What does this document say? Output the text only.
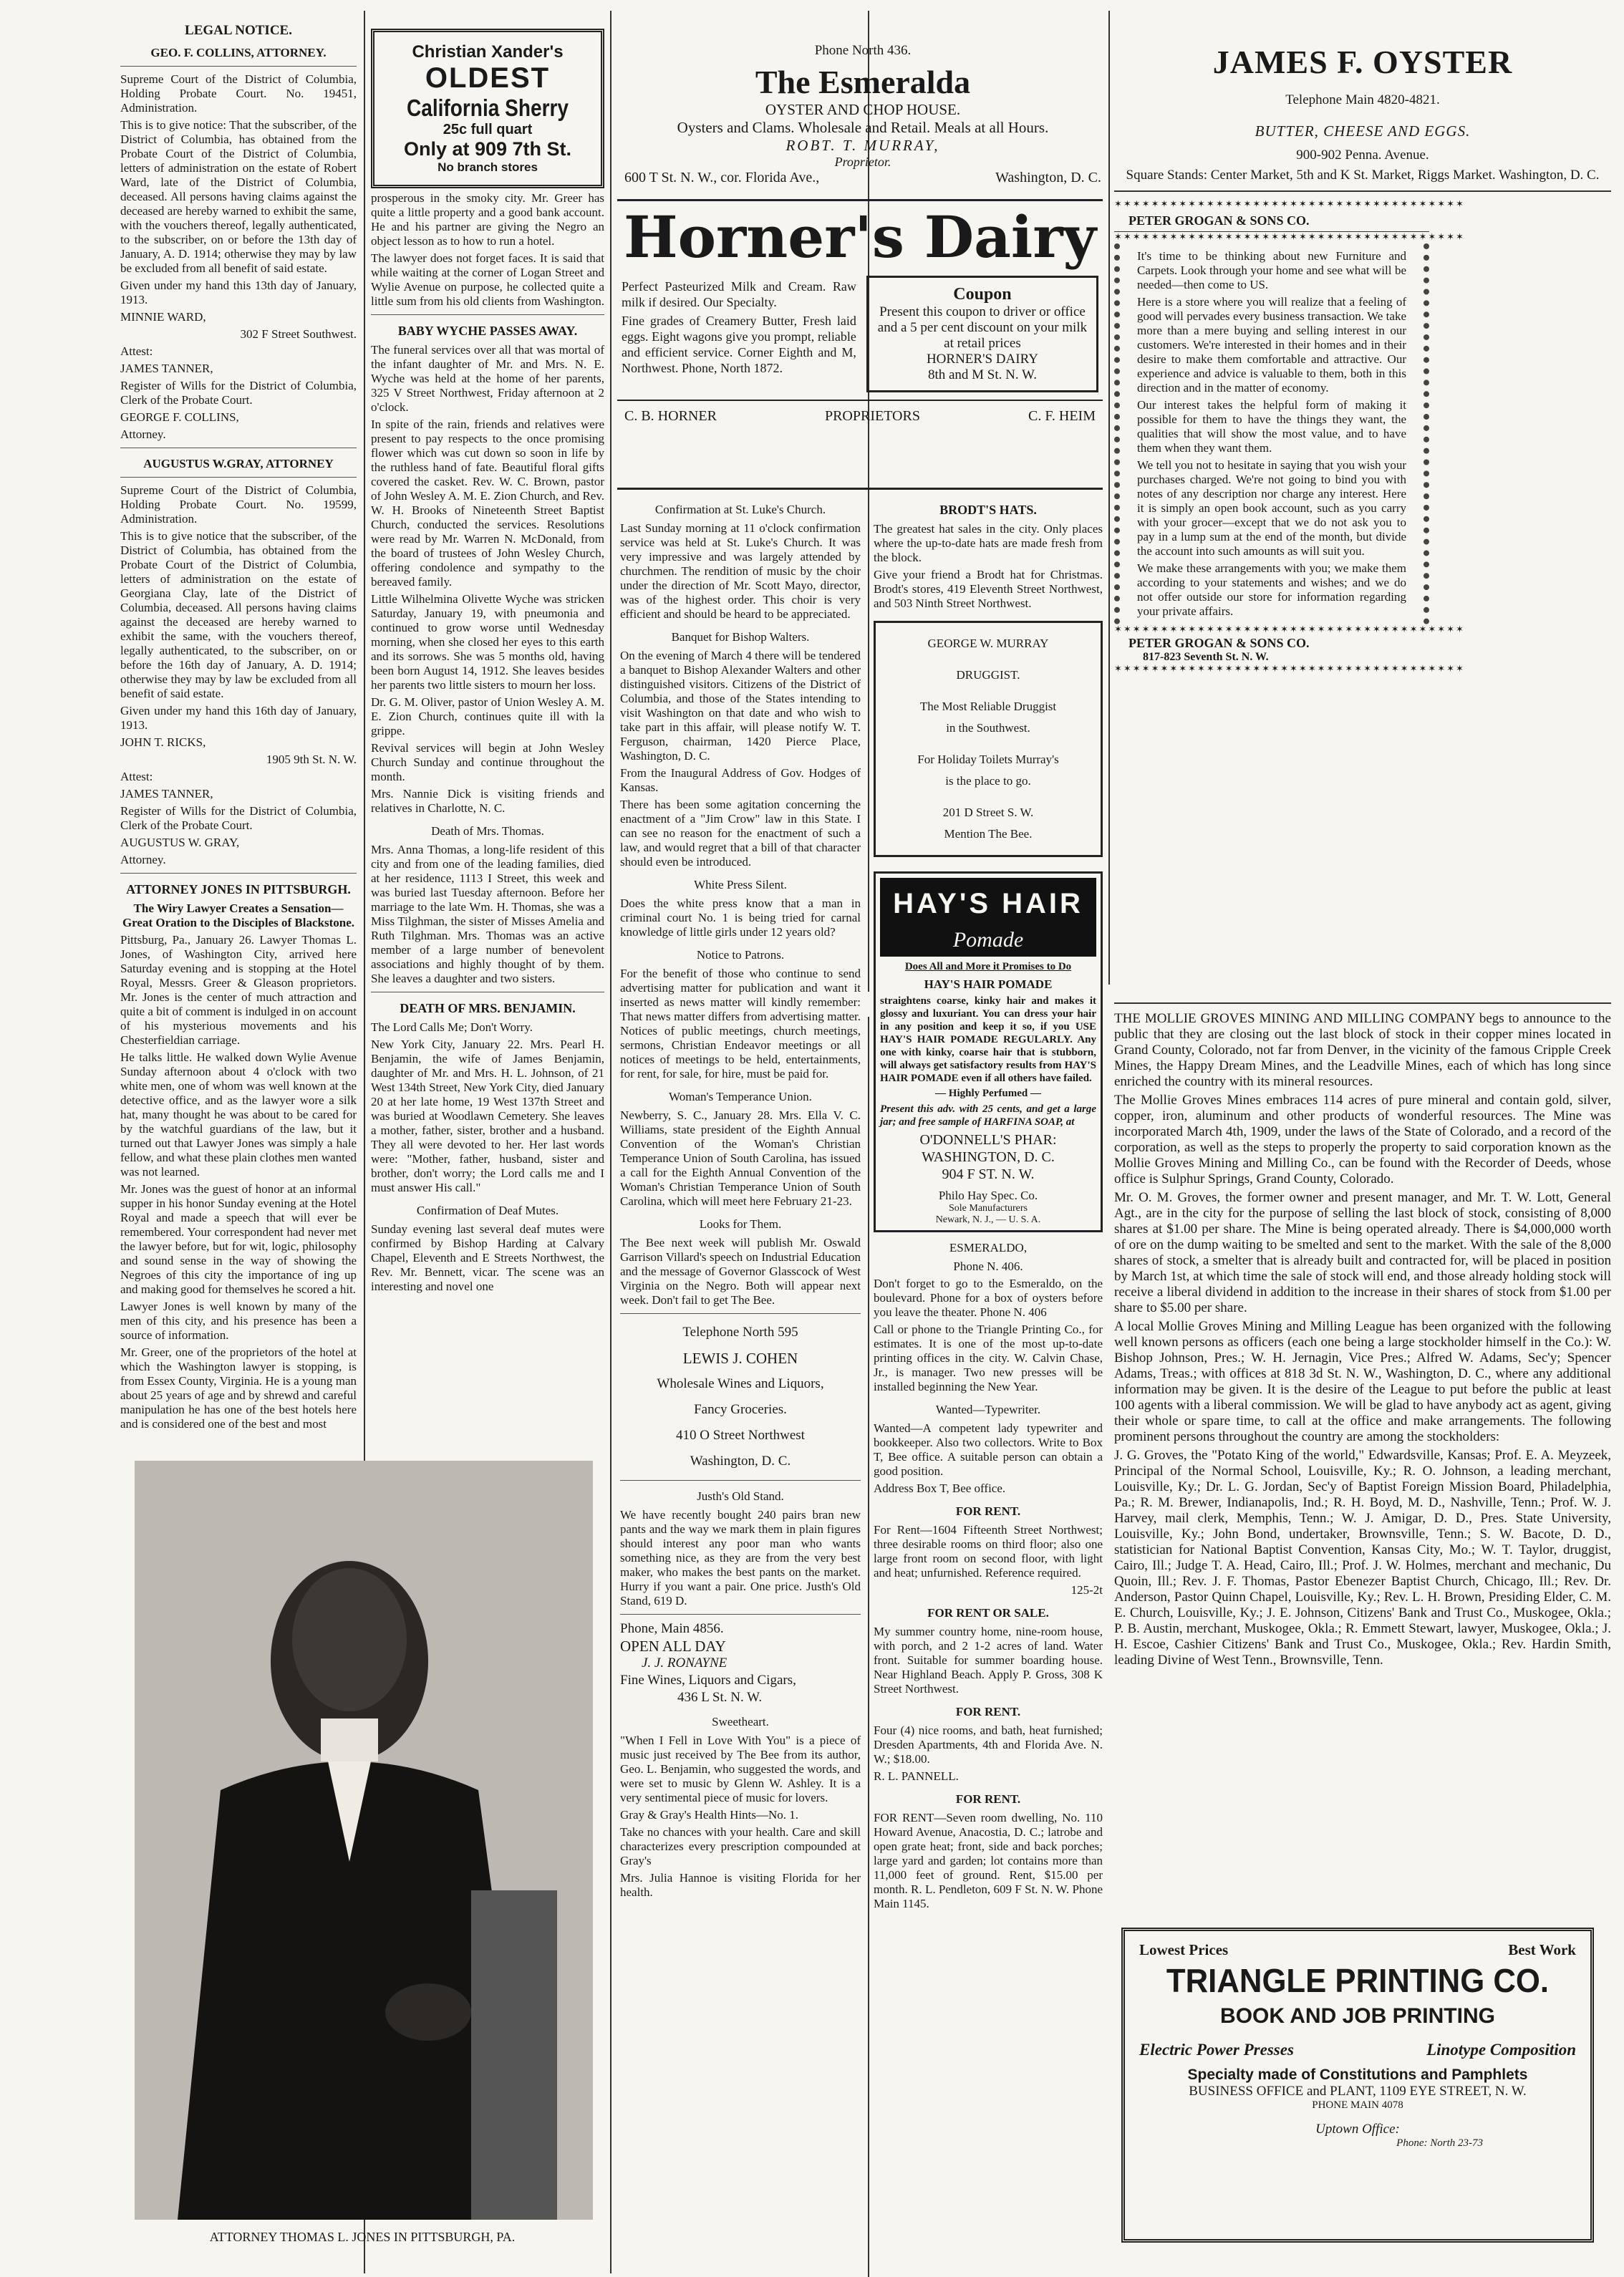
LEGAL NOTICE.
GEO. F. COLLINS, ATTORNEY.

Supreme Court of the District of Columbia, Holding Probate Court. No. 19451, Administration.

This is to give notice: That the subscriber, of the District of Columbia, has obtained from the Probate Court of the District of Columbia, letters of administration on the estate of Robert Ward, late of the District of Columbia, deceased. All persons having claims against the deceased are hereby warned to exhibit the same, with the vouchers thereof, legally authenticated, to the subscriber, on or before the 13th day of January, A. D. 1914; otherwise they may by law be excluded from all benefit of said estate.

Given under my hand this 13th day of January, 1913.

MINNIE WARD,

302 F Street Southwest.

Attest:

JAMES TANNER,

Register of Wills for the District of Columbia, Clerk of the Probate Court.

GEORGE F. COLLINS,

Attorney.

AUGUSTUS W.GRAY, ATTORNEY

Supreme Court of the District of Columbia, Holding Probate Court. No. 19599, Administration.

This is to give notice that the subscriber, of the District of Columbia, has obtained from the Probate Court of the District of Columbia, letters of administration on the estate of Georgiana Clay, late of the District of Columbia, deceased. All persons having claims against the deceased are hereby warned to exhibit the same, with the vouchers thereof, legally authenticated, to the subscriber, on or before the 16th day of January, A. D. 1914; otherwise they may by law be excluded from all benefit of said estate.

Given under my hand this 16th day of January, 1913.

JOHN T. RICKS,

1905 9th St. N. W.

Attest:

JAMES TANNER,

Register of Wills for the District of Columbia, Clerk of the Probate Court.

AUGUSTUS W. GRAY,

Attorney.

ATTORNEY JONES IN PITTSBURGH.

The Wiry Lawyer Creates a Sensation—Great Oration to the Disciples of Blackstone.

Pittsburg, Pa., January 26. Lawyer Thomas L. Jones, of Washington City, arrived here Saturday evening and is stopping at the Hotel Royal, Messrs. Greer & Gleason proprietors. Mr. Jones is the center of much attraction and quite a bit of comment is indulged in on account of his mysterious movements and his Chesterfieldian carriage.

He talks little. He walked down Wylie Avenue Sunday afternoon about 4 o'clock with two white men, one of whom was well known at the detective office, and as the lawyer wore a silk hat, many thought he was about to be cared for by the watchful guardians of the law, but it turned out that Lawyer Jones was simply a hale fellow, and what these plain clothes men wanted was not learned.

Mr. Jones was the guest of honor at an informal supper in his honor Sunday evening at the Hotel Royal and made a speech that will ever be remembered. Your correspondent had never met the lawyer before, but for wit, logic, philosophy and sound sense in the way of showing the Negroes of this city the importance of ing up and making good for themselves he scored a hit.

Lawyer Jones is well known by many of the men of this city, and his presence has been a source of information.

Mr. Greer, one of the proprietors of the hotel at which the Washington lawyer is stopping, is from Essex County, Virginia. He is a young man about 25 years of age and by shrewd and careful manipulation he has one of the best hotels here and is considered one of the best and most

ATTORNEY THOMAS L. JONES IN PITTSBURGH, PA.
Christian Xander's
OLDEST
California Sherry
25c full quart
Only at 909 7th St.
No branch stores

prosperous in the smoky city. Mr. Greer has quite a little property and a good bank account. He and his partner are giving the Negro an object lesson as to how to run a hotel.

The lawyer does not forget faces. It is said that while waiting at the corner of Logan Street and Wylie Avenue on purpose, he collected quite a little sum from his old clients from Washington.

BABY WYCHE PASSES AWAY.

The funeral services over all that was mortal of the infant daughter of Mr. and Mrs. N. E. Wyche was held at the home of her parents, 325 V Street Northwest, Friday afternoon at 2 o'clock.

In spite of the rain, friends and relatives were present to pay respects to the once promising flower which was cut down so soon in life by the ruthless hand of fate. Beautiful floral gifts covered the casket. Rev. W. C. Brown, pastor of John Wesley A. M. E. Zion Church, and Rev. W. H. Brooks of Nineteenth Street Baptist Church, conducted the services. Resolutions were read by Mr. Warren N. McDonald, from the board of trustees of John Wesley Church, offering condolence and sympathy to the bereaved family.

Little Wilhelmina Olivette Wyche was stricken Saturday, January 19, with pneumonia and continued to grow worse until Wednesday morning, when she closed her eyes to this earth and its sorrows. She was 5 months old, having been born August 14, 1912. She leaves besides her parents two little sisters to mourn her loss.

Dr. G. M. Oliver, pastor of Union Wesley A. M. E. Zion Church, continues quite ill with la grippe.

Revival services will begin at John Wesley Church Sunday and continue throughout the month.

Mrs. Nannie Dick is visiting friends and relatives in Charlotte, N. C.

Death of Mrs. Thomas.

Mrs. Anna Thomas, a long-life resident of this city and from one of the leading families, died at her residence, 1113 I Street, this week and was buried last Tuesday afternoon. Before her marriage to the late Wm. H. Thomas, she was a Miss Tilghman, the sister of Misses Amelia and Ruth Tilghman. Mrs. Thomas was an active member of a large number of benevolent associations and highly thought of by them. She leaves a daughter and two sisters.

DEATH OF MRS. BENJAMIN.

The Lord Calls Me; Don't Worry.

New York City, January 22. Mrs. Pearl H. Benjamin, the wife of James Benjamin, daughter of Mr. and Mrs. H. L. Johnson, of 21 West 134th Street, New York City, died January 20 at her late home, 19 West 137th Street and was buried at Woodlawn Cemetery. She leaves a mother, father, sister, brother and a husband. They all were devoted to her. Her last words were: "Mother, father, husband, sister and brother, don't worry; the Lord calls me and I must answer His call."

Confirmation of Deaf Mutes.

Sunday evening last several deaf mutes were confirmed by Bishop Harding at Calvary Chapel, Eleventh and E Streets Northwest, the Rev. Mr. Bennett, vicar. The scene was an interesting and novel one

Phone North 436.
The Esmeralda
OYSTER AND CHOP HOUSE.
Oysters and Clams. Wholesale and Retail. Meals at all Hours.
ROBT. T. MURRAY,
Proprietor.
600 T St. N. W., cor. Florida Ave.,	Washington, D. C.
Horner's Dairy

Perfect Pasteurized Milk and Cream. Raw milk if desired. Our Specialty.

Fine grades of Creamery Butter, Fresh laid eggs. Eight wagons give you prompt, reliable and efficient service. Corner Eighth and M, Northwest. Phone, North 1872.

Coupon
Present this coupon to driver or office and a 5 per cent discount on your milk at retail prices
HORNER'S DAIRY
8th and M St. N. W.
C. B. HORNER	PROPRIETORS	C. F. HEIM
Confirmation at St. Luke's Church.

Last Sunday morning at 11 o'clock confirmation service was held at St. Luke's Church. It was very impressive and was largely attended by churchmen. The rendition of music by the choir under the direction of Mr. Scott Mayo, director, was of the highest order. This choir is very efficient and should be heard to be appreciated.

Banquet for Bishop Walters.

On the evening of March 4 there will be tendered a banquet to Bishop Alexander Walters and other distinguished visitors. Citizens of the District of Columbia, and those of the States intending to visit Washington on that date and who wish to take part in this affair, will please notify W. T. Ferguson, chairman, 1420 Pierce Place, Washington, D. C.

From the Inaugural Address of Gov. Hodges of Kansas.

There has been some agitation concerning the enactment of a "Jim Crow" law in this State. I can see no reason for the enactment of such a law, and would regret that a bill of that character should even be introduced.

White Press Silent.

Does the white press know that a man in criminal court No. 1 is being tried for carnal knowledge of little girls under 12 years old?

Notice to Patrons.

For the benefit of those who continue to send advertising matter for publication and want it inserted as news matter will kindly remember: That news matter differs from advertising matter. Notices of public meetings, church meetings, sermons, Christian Endeavor meetings or all notices of meetings to be held, entertainments, for rent, for sale, for hire, must be paid for.

Woman's Temperance Union.

Newberry, S. C., January 28. Mrs. Ella V. C. Williams, state president of the Eighth Annual Convention of the Woman's Christian Temperance Union of South Carolina, has issued a call for the Eighth Annual Convention of the Woman's Christian Temperance Union of South Carolina, which will meet here February 21-23.

Looks for Them.

The Bee next week will publish Mr. Oswald Garrison Villard's speech on Industrial Education and the message of Governor Glasscock of West Virginia on the Negro. Both will appear next week. Don't fail to get The Bee.

Telephone North 595
LEWIS J. COHEN
Wholesale Wines and Liquors,
Fancy Groceries.
410 O Street Northwest
Washington, D. C.
Justh's Old Stand.

We have recently bought 240 pairs bran new pants and the way we mark them in plain figures should interest any poor man who wants something nice, as they are from the very best maker, who makes the best pants on the market. Hurry if you want a pair. One price. Justh's Old Stand, 619 D.

Phone, Main 4856.
OPEN ALL DAY
J. J. RONAYNE
Fine Wines, Liquors and Cigars,
436 L St. N. W.
Sweetheart.

"When I Fell in Love With You" is a piece of music just received by The Bee from its author, Geo. L. Benjamin, who suggested the words, and were set to music by Glenn W. Ashley. It is a very sentimental piece of music for lovers.

Gray & Gray's Health Hints—No. 1.

Take no chances with your health. Care and skill characterizes every prescription compounded at Gray's

Mrs. Julia Hannoe is visiting Florida for her health.

BRODT'S HATS.

The greatest hat sales in the city. Only places where the up-to-date hats are made fresh from the block.

Give your friend a Brodt hat for Christmas. Brodt's stores, 419 Eleventh Street Northwest, and 503 Ninth Street Northwest.

GEORGE W. MURRAY
DRUGGIST.
The Most Reliable Druggist
in the Southwest.
For Holiday Toilets Murray's
is the place to go.
201 D Street S. W.
Mention The Bee.
HAY'S HAIR
Pomade
Does All and More it Promises to Do
HAY'S HAIR POMADE

straightens coarse, kinky hair and makes it glossy and luxuriant. You can dress your hair in any position and keep it so, if you USE HAY'S HAIR POMADE REGULARLY. Any one with kinky, coarse hair that is stubborn, will always get satisfactory results from HAY'S HAIR POMADE even if all others have failed.

— Highly Perfumed —

Present this adv. with 25 cents, and get a large jar; and free sample of HARFINA SOAP, at

O'DONNELL'S PHAR:
WASHINGTON, D. C.
904 F ST. N. W.
Philo Hay Spec. Co.
Sole Manufacturers
Newark, N. J., — U. S. A.
ESMERALDO,
Phone N. 406.

Don't forget to go to the Esmeraldo, on the boulevard. Phone for a box of oysters before you leave the theater. Phone N. 406

Call or phone to the Triangle Printing Co., for estimates. It is one of the most up-to-date printing offices in the city. W. Calvin Chase, Jr., is manager. Two new presses will be installed beginning the New Year.

Wanted—Typewriter.

Wanted—A competent lady typewriter and bookkeeper. Also two collectors. Write to Box T, Bee office. A suitable person can obtain a good position.

Address Box T, Bee office.

FOR RENT.

For Rent—1604 Fifteenth Street Northwest; three desirable rooms on third floor; also one large front room on second floor, with light and heat; unfurnished. Reference required.

125-2t

FOR RENT OR SALE.

My summer country home, nine-room house, with porch, and 2 1-2 acres of land. Water front. Suitable for summer boarding house. Near Highland Beach. Apply P. Gross, 308 K Street Northwest.

FOR RENT.

Four (4) nice rooms, and bath, heat furnished; Dresden Apartments, 4th and Florida Ave. N. W.; $18.00.

R. L. PANNELL.

FOR RENT.

FOR RENT—Seven room dwelling, No. 110 Howard Avenue, Anacostia, D. C.; latrobe and open grate heat; front, side and back porches; large yard and garden; lot contains more than 11,000 feet of ground. Rent, $15.00 per month. R. L. Pendleton, 609 F St. N. W. Phone Main 1145.

JAMES F. OYSTER
Telephone Main 4820-4821.
BUTTER, CHEESE AND EGGS.
900-902 Penna. Avenue.
Square Stands: Center Market, 5th and K St. Market, Riggs Market. Washington, D. C.
✶✶✶✶✶✶✶✶✶✶✶✶✶✶✶✶✶✶✶✶✶✶✶✶✶✶✶✶✶✶✶✶✶✶✶✶✶✶
PETER GROGAN & SONS CO.
✶✶✶✶✶✶✶✶✶✶✶✶✶✶✶✶✶✶✶✶✶✶✶✶✶✶✶✶✶✶✶✶✶✶✶✶✶✶

It's time to be thinking about new Furniture and Carpets. Look through your home and see what will be needed—then come to US.

Here is a store where you will realize that a feeling of good will pervades every business transaction. We take more than a mere buying and selling interest in our customers. We're interested in their homes and in their desire to make them comfortable and attractive. Our experience and advice is valuable to them, both in this direction and in the matter of economy.

Our interest takes the helpful form of making it possible for them to have the things they want, the qualities that will show the most value, and to have them when they want them.

We tell you not to hesitate in saying that you wish your purchases charged. We're not going to bind you with notes of any description nor charge any interest. Here it is simply an open book account, such as you carry with your grocer—except that we do not ask you to pay in a lump sum at the end of the month, but divide the account into such amounts as will suit you.

We make these arrangements with you; we make them according to your statements and wishes; and we do not offer outside our store for information regarding your private affairs.

✶✶✶✶✶✶✶✶✶✶✶✶✶✶✶✶✶✶✶✶✶✶✶✶✶✶✶✶✶✶✶✶✶✶✶✶✶✶
PETER GROGAN & SONS CO.
817-823 Seventh St. N. W.
✶✶✶✶✶✶✶✶✶✶✶✶✶✶✶✶✶✶✶✶✶✶✶✶✶✶✶✶✶✶✶✶✶✶✶✶✶✶

THE MOLLIE GROVES MINING AND MILLING COMPANY begs to announce to the public that they are closing out the last block of stock in their copper mines located in Grand County, Colorado, not far from Denver, in the vicinity of the famous Cripple Creek Mines, the Happy Dream Mines, and the Leadville Mines, each of which has long since enriched the country with its mineral resources.

The Mollie Groves Mines embraces 114 acres of pure mineral and contain gold, silver, copper, iron, aluminum and other products of wonderful resources. The Mine was incorporated March 4th, 1909, under the laws of the State of Colorado, and a record of the corporation, as well as the steps to properly the property to said corporation known as the Mollie Groves Mining and Milling Co., can be found with the Recorder of Deeds, whose office is Sulphur Springs, Grand County, Colorado.

Mr. O. M. Groves, the former owner and present manager, and Mr. T. W. Lott, General Agt., are in the city for the purpose of selling the last block of stock, consisting of 8,000 shares at $1.00 per share. The Mine is being operated already. There is $4,000,000 worth of ore on the dump waiting to be smelted and sent to the market. With the sale of the 8,000 shares of stock, a smelter that is already built and contracted for, will be placed in position by March 1st, at which time the sale of stock will end, and those already holding stock will receive a liberal dividend in addition to the increase in their shares of stock from $1.00 per share to $5.00 per share.

A local Mollie Groves Mining and Milling League has been organized with the following well known persons as officers (each one being a large stockholder himself in the Co.): W. Bishop Johnson, Pres.; W. H. Jernagin, Vice Pres.; Alfred W. Adams, Sec'y; Spencer Adams, Treas.; with offices at 818 3d St. N. W., Washington, D. C., where any additional information may be given. It is the desire of the League to put before the public at least 100 agents with a liberal commission. We will be glad to have anybody act as agent, giving their whole or spare time, to call at the office and make arrangements. The following prominent persons throughout the country are among the stockholders:

J. G. Groves, the "Potato King of the world," Edwardsville, Kansas; Prof. E. A. Meyzeek, Principal of the Normal School, Louisville, Ky.; R. O. Johnson, a leading merchant, Louisville, Ky.; Dr. L. G. Jordan, Sec'y of Baptist Foreign Mission Board, Philadelphia, Pa.; R. M. Brewer, Indianapolis, Ind.; R. H. Boyd, M. D., Nashville, Tenn.; Prof. W. J. Harvey, mail clerk, Memphis, Tenn.; W. J. Amigar, D. D., Pres. State University, Louisville, Ky.; John Bond, undertaker, Brownsville, Tenn.; S. W. Bacote, D. D., statistician for National Baptist Convention, Kansas City, Mo.; W. T. Taylor, druggist, Cairo, Ill.; Judge T. A. Head, Cairo, Ill.; Prof. J. W. Holmes, merchant and mechanic, Du Quoin, Ill.; Rev. J. F. Thomas, Pastor Ebenezer Baptist Church, Chicago, Ill.; Rev. Dr. Anderson, Pastor Quinn Chapel, Louisville, Ky.; Rev. L. H. Brown, Presiding Elder, C. M. E. Church, Louisville, Ky.; J. E. Johnson, Citizens' Bank and Trust Co., Muskogee, Okla.; P. B. Austin, merchant, Muskogee, Okla.; R. Emmett Stewart, lawyer, Muskogee, Okla.; J. H. Escoe, Cashier Citizens' Bank and Trust Co., Muskogee, Okla.; Rev. Hardin Smith, leading Divine of West Tenn., Brownsville, Tenn.

Lowest Prices	Best Work
TRIANGLE PRINTING CO.
BOOK AND JOB PRINTING
Electric Power Presses	Linotype Composition
Specialty made of Constitutions and Pamphlets
BUSINESS OFFICE and PLANT, 1109 EYE STREET, N. W.
PHONE MAIN 4078
Uptown Office:
Phone: North 23-73
